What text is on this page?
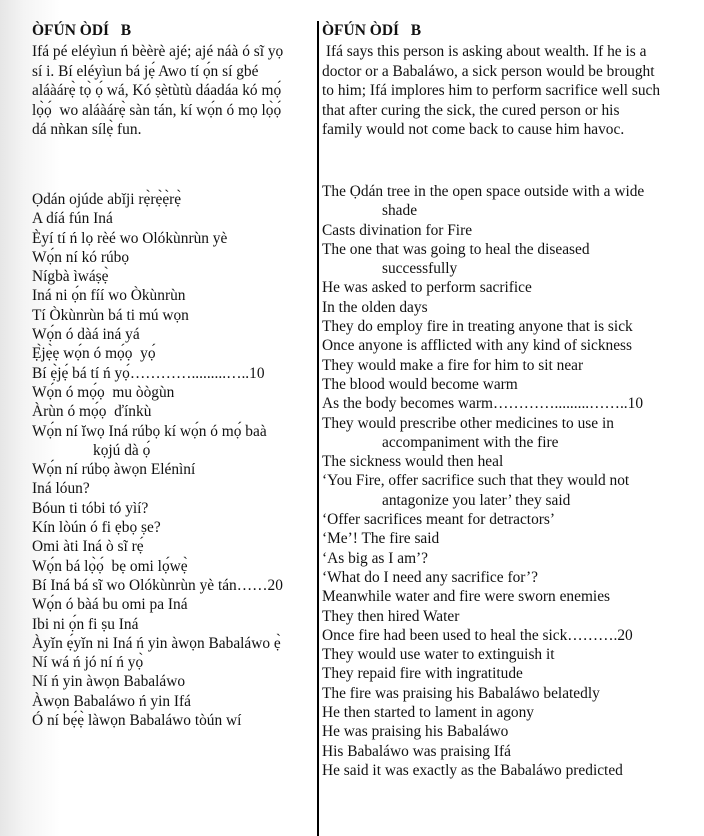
ÒFÚN ÒDÍ   B

Ifá pé eléyìun ń bèèrè ajé; ajé náà ó sĩ yọ
sí i. Bí eléyìun bá jẹ́ Awo tí ọ́n sí gbé
aláàárẹ̀ tọ̀ ọ́ wá, Kó ṣètùtù dáadáa kó mọ́
lọ̀ọ́  wo aláàárẹ̀ sàn tán, kí wọ́n ó mọ lọ̀ọ́
dá nǹkan sílẹ̀ fun.

Ọdán ojúde abǐji rẹ̀rẹ̀ẹ̀rẹ̀
A díá fún Iná
Èyí tí ń lọ rèé wo Olókùnrùn yè
Wọ́n ní kó rúbọ
Nígbà ìwáṣẹ̀
Iná ni ọ́n fíí wo Òkùnrùn
Tí Òkùnrùn bá ti mú wọn
Wọ́n ó dàá iná yá
Ẹ̀jẹ̀ẹ wọ́n ó mọ́ọ  yọ́
Bí ẹ̀jẹ́ bá tí ń yọ́………….........…..10
Wọ́n ó mọ́ọ  mu òògùn
Àrùn ó mọ́ọ  ďínkù
Wọ́n ní ĭwọ Iná rúbọ kí wọ́n ó mọ́ baà
kọjú dà ọ́
Wọ́n ní rúbọ àwọn Elénìní
Iná lóun?
Bóun ti tóbi tó yìí?
Kín lòún ó fi ẹbọ ṣe?
Omi àti Iná ò sĩ rẹ́
Wọ́n bá lọ̀ọ́  bẹ omi lọ́wẹ̀
Bí Iná bá sĩ wo Olókùnrùn yè tán……20
Wọ́n ó bàá bu omi pa Iná
Ibi ni ọ́n fi ṣu Iná
Àyǐn ẹ́yǐn ni Iná ń yin àwọn Babaláwo ẹ̀
Ní wá ń jó ní ń yọ̀
Ní ń yin àwọn Babaláwo
Àwọn Babaláwo ń yin Ifá
Ó ní bẹ́ẹ̀ làwọn Babaláwo tòún wí
ÒFÚN ÒDÍ   B

Ifá says this person is asking about wealth. If he is a
doctor or a Babaláwo, a sick person would be brought
to him; Ifá implores him to perform sacrifice well such
that after curing the sick, the cured person or his
family would not come back to cause him havoc.

The Ọdán tree in the open space outside with a wide
shade
Casts divination for Fire
The one that was going to heal the diseased
successfully
He was asked to perform sacrifice
In the olden days
They do employ fire in treating anyone that is sick
Once anyone is afflicted with any kind of sickness
They would make a fire for him to sit near
The blood would become warm
As the body becomes warm………….........……..10
They would prescribe other medicines to use in
accompaniment with the fire
The sickness would then heal
‘You Fire, offer sacrifice such that they would not
antagonize you later’ they said
‘Offer sacrifices meant for detractors’
‘Me’! The fire said
‘As big as I am’?
‘What do I need any sacrifice for’?
Meanwhile water and fire were sworn enemies
They then hired Water
Once fire had been used to heal the sick……….20
They would use water to extinguish it
They repaid fire with ingratitude
The fire was praising his Babaláwo belatedly
He then started to lament in agony
He was praising his Babaláwo
His Babaláwo was praising Ifá
He said it was exactly as the Babaláwo predicted
